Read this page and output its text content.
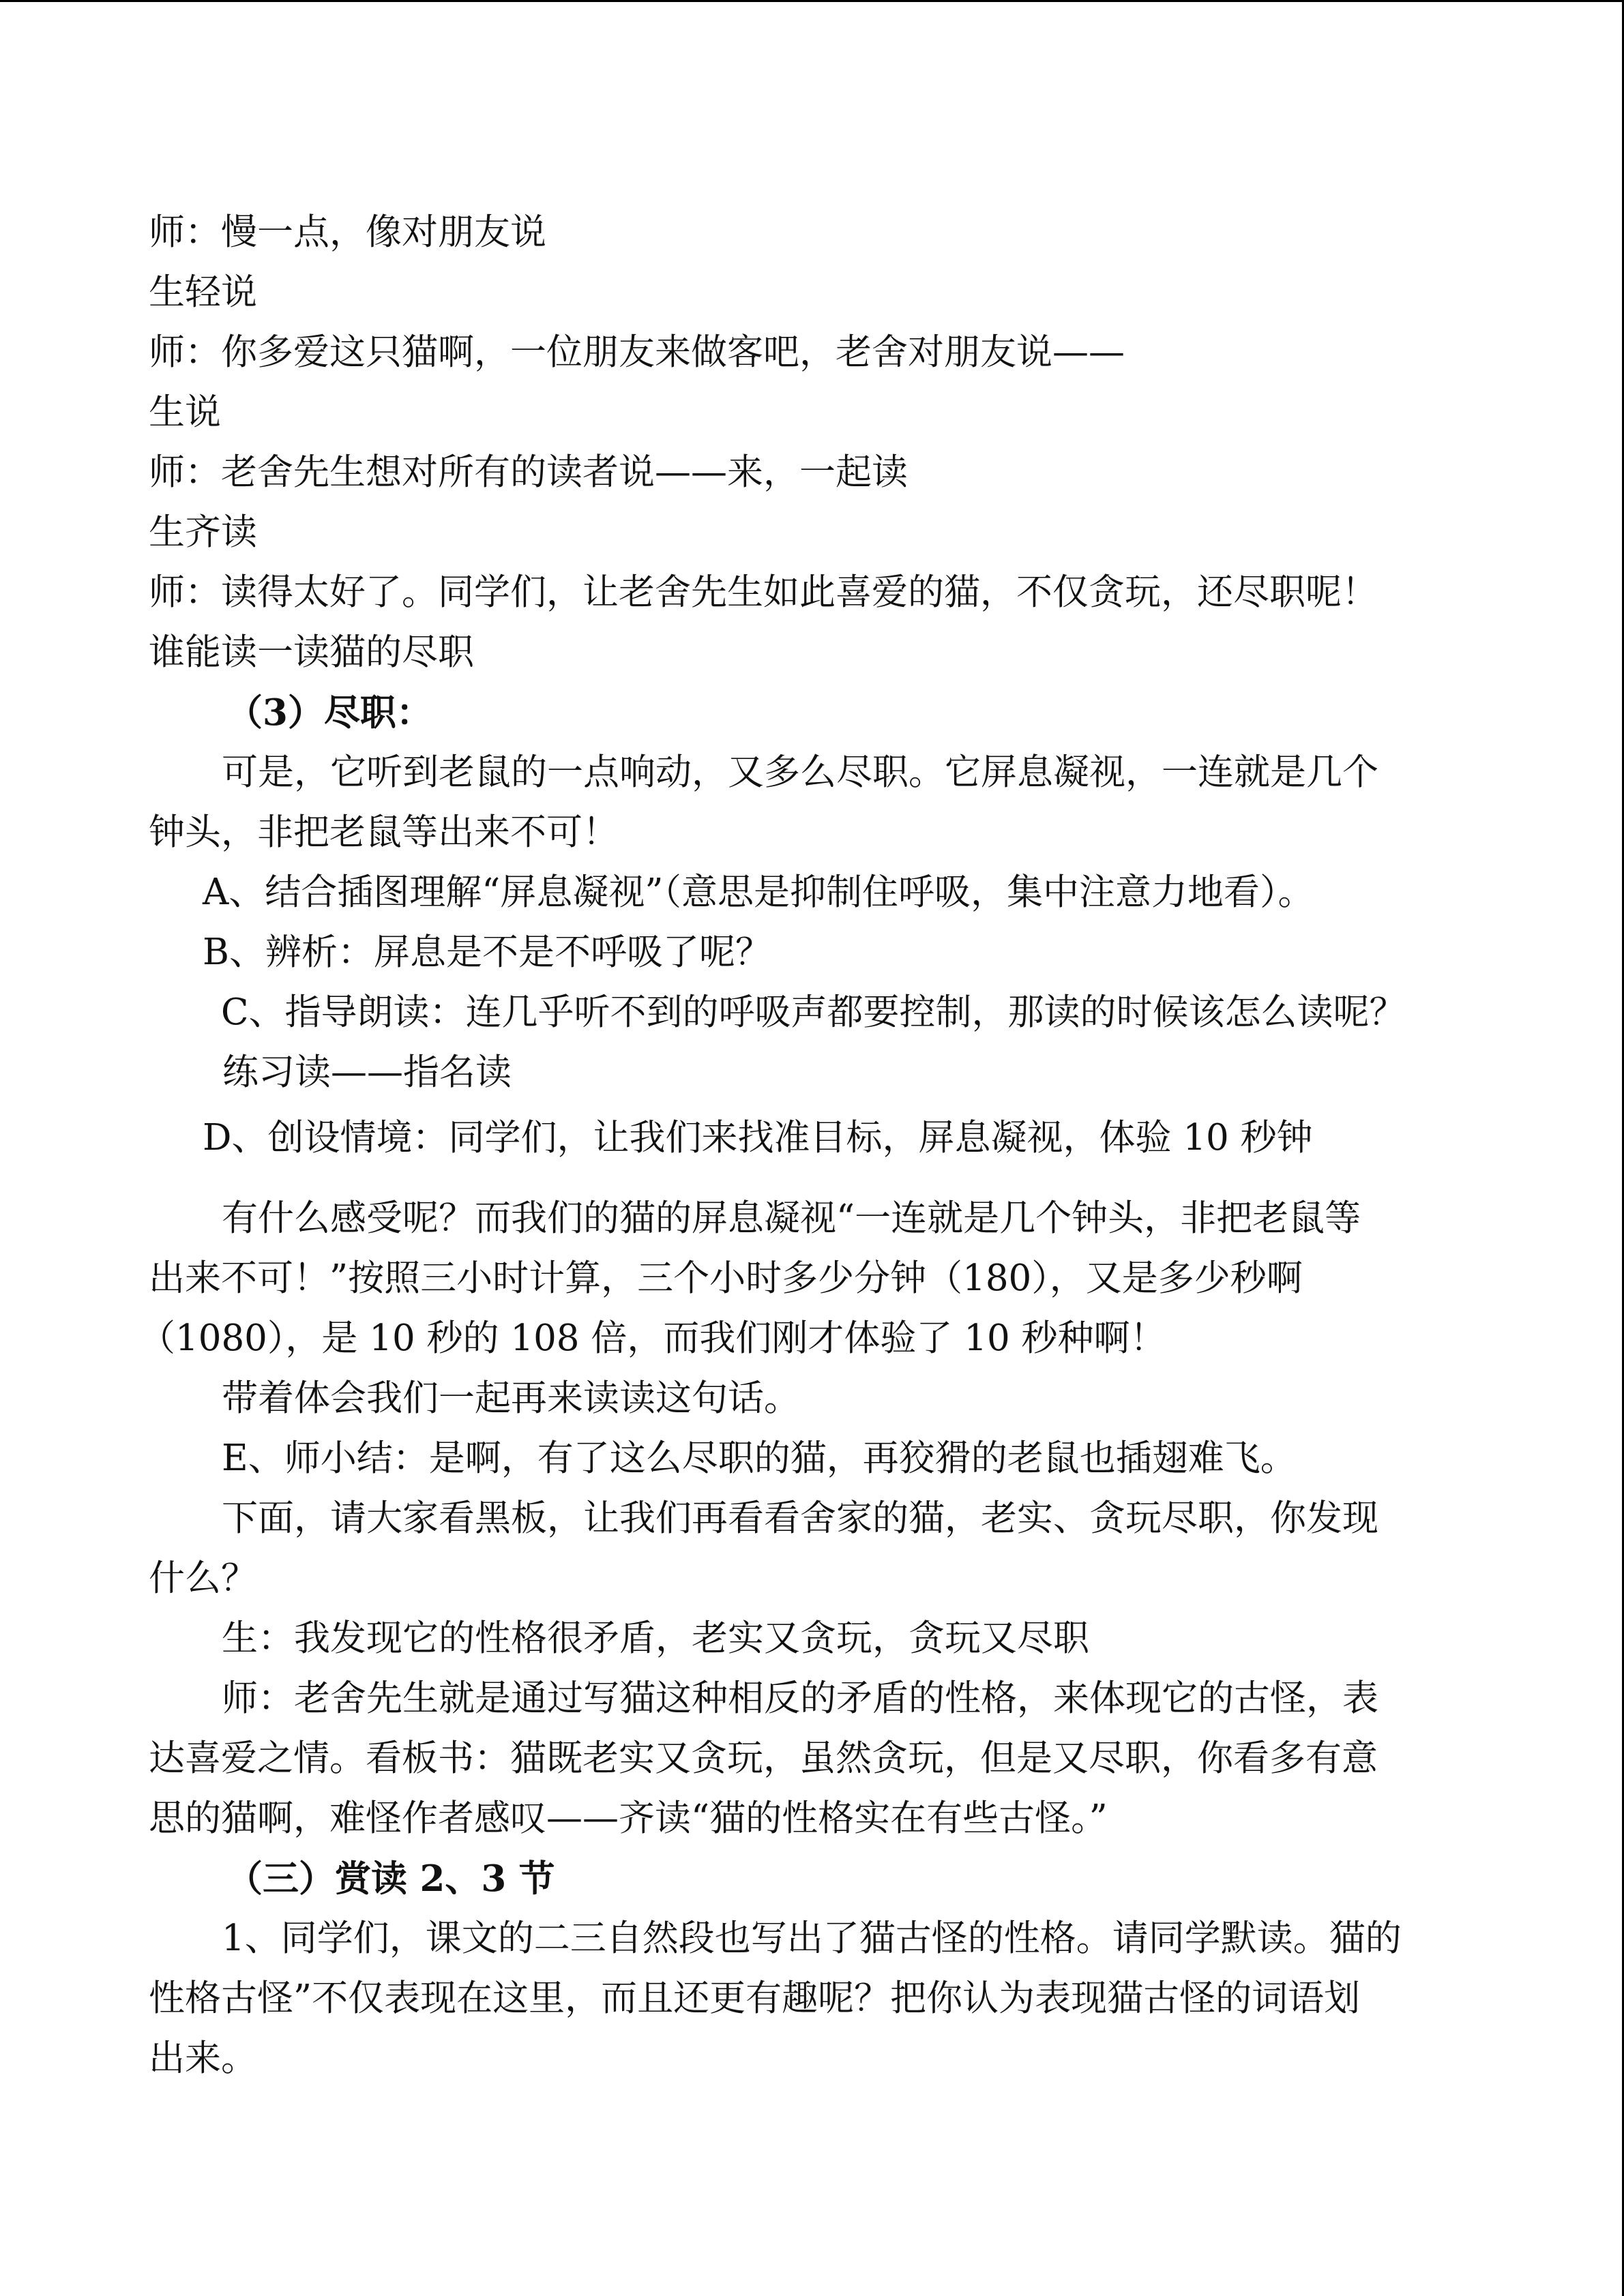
师：慢一点，像对朋友说
生轻说
师：你多爱这只猫啊，一位朋友来做客吧，老舍对朋友说——
生说
师：老舍先生想对所有的读者说——来，一起读
生齐读
师：读得太好了。同学们，让老舍先生如此喜爱的猫，不仅贪玩，还尽职呢！
谁能读一读猫的尽职
（3）尽职：
可是，它听到老鼠的一点响动，又多么尽职。它屏息凝视，一连就是几个
钟头，非把老鼠等出来不可！
A、结合插图理解“屏息凝视”（意思是抑制住呼吸，集中注意力地看）。
B、辨析：屏息是不是不呼吸了呢？
C、指导朗读：连几乎听不到的呼吸声都要控制，那读的时候该怎么读呢？
练习读——指名读
D、创设情境：同学们，让我们来找准目标，屏息凝视，体验 10 秒钟
有什么感受呢？而我们的猫的屏息凝视“一连就是几个钟头，非把老鼠等
出来不可！”按照三小时计算，三个小时多少分钟（180），又是多少秒啊
（1080），是 10 秒的 108 倍，而我们刚才体验了 10 秒种啊！
带着体会我们一起再来读读这句话。
E、师小结：是啊，有了这么尽职的猫，再狡猾的老鼠也插翅难飞。
下面，请大家看黑板，让我们再看看舍家的猫，老实、贪玩尽职，你发现
什么？
生：我发现它的性格很矛盾，老实又贪玩，贪玩又尽职
师：老舍先生就是通过写猫这种相反的矛盾的性格，来体现它的古怪，表
达喜爱之情。看板书：猫既老实又贪玩，虽然贪玩，但是又尽职，你看多有意
思的猫啊，难怪作者感叹——齐读“猫的性格实在有些古怪。”
（三）赏读 2、3 节
1、同学们，课文的二三自然段也写出了猫古怪的性格。请同学默读。猫的
性格古怪”不仅表现在这里，而且还更有趣呢？把你认为表现猫古怪的词语划
出来。
